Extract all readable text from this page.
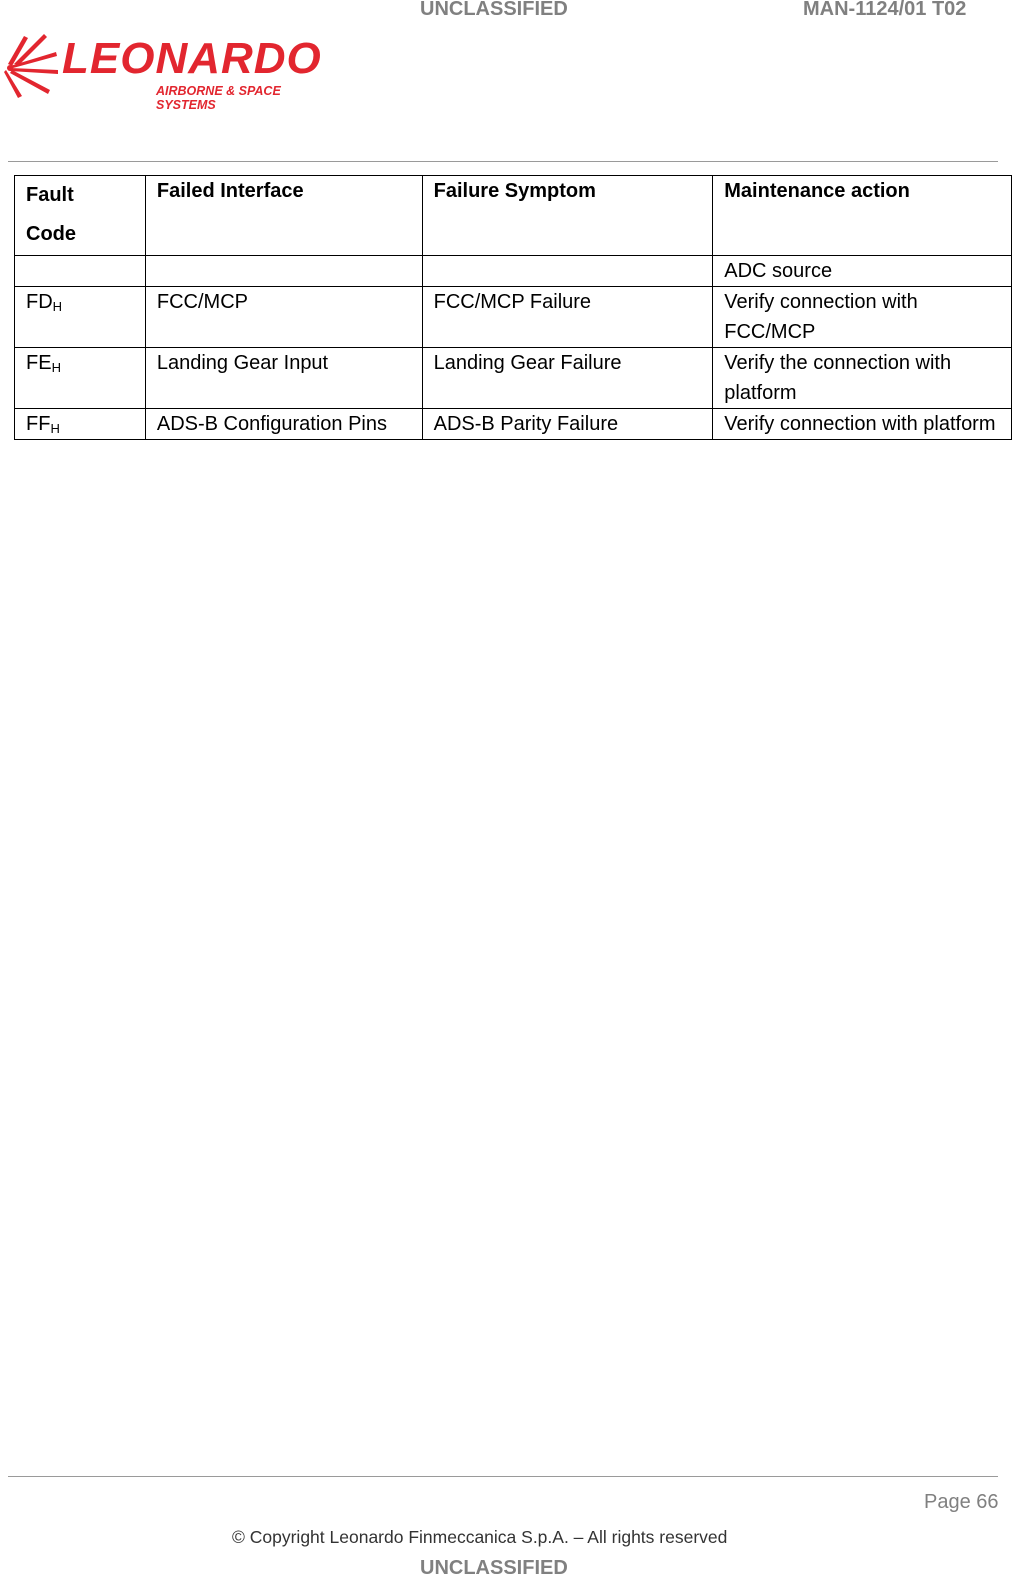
UNCLASSIFIED	MAN-1124/01 T02
LEONARDO
AIRBORNE & SPACE SYSTEMS
Fault
Code	Failed Interface	Failure Symptom	Maintenance action
			ADC source
$FD_H$	FCC/MCP	FCC/MCP Failure	Verify connection with FCC/MCP
$FE_H$	Landing Gear Input	Landing Gear Failure	Verify the connection with platform
$FF_H$	ADS-B Configuration Pins	ADS-B Parity Failure	Verify connection with platform
Page 66
© Copyright Leonardo Finmeccanica S.p.A. – All rights reserved
UNCLASSIFIED
